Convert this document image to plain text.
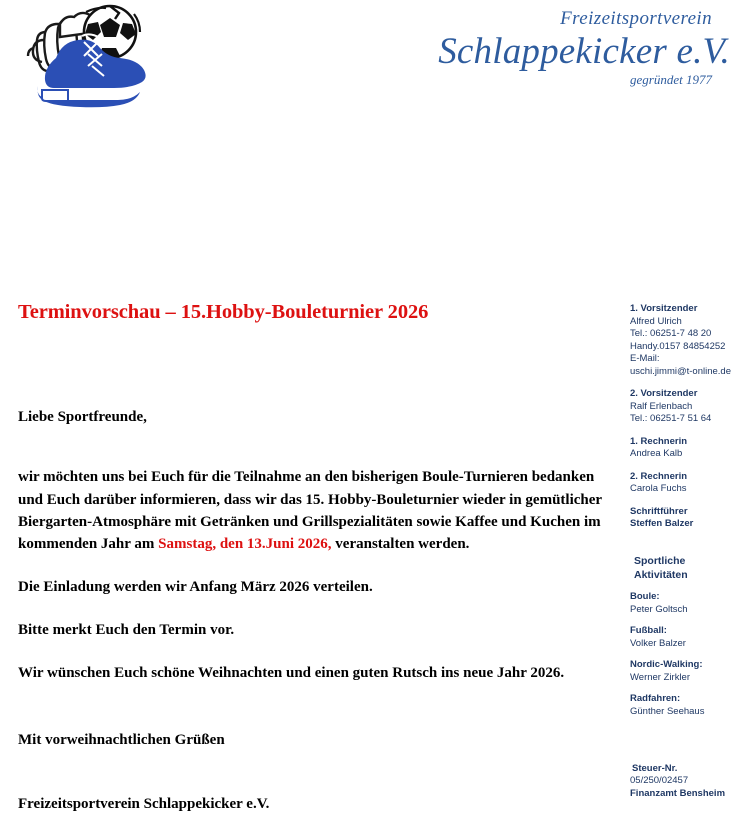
Freizeitsportverein
Schlappekicker e.V.
gegründet 1977
Terminvorschau – 15.Hobby-Bouleturnier 2026

Liebe Sportfreunde,

wir möchten uns bei Euch für die Teilnahme an den bisherigen Boule-Turnieren bedanken und Euch darüber informieren, dass wir das 15. Hobby-Bouleturnier wieder in gemütlicher Biergarten-Atmosphäre mit Getränken und Grillspezialitäten sowie Kaffee und Kuchen im kommenden Jahr am Samstag, den 13.Juni 2026, veranstalten werden.

Die Einladung werden wir Anfang März 2026 verteilen.

Bitte merkt Euch den Termin vor.

Wir wünschen Euch schöne Weihnachten und einen guten Rutsch ins neue Jahr 2026.

Mit vorweihnachtlichen Grüßen

Freizeitsportverein Schlappekicker e.V.

1. Vorsitzender
Alfred Ulrich
Tel.: 06251-7 48 20
Handy.0157 84854252
E-Mail:
uschi.jimmi@t-online.de
2. Vorsitzender
Ralf Erlenbach
Tel.: 06251-7 51 64
1. Rechnerin
Andrea Kalb
2. Rechnerin
Carola Fuchs
Schriftführer
Steffen Balzer
Sportliche
Aktivitäten
Boule:
Peter Goltsch
Fußball:
Volker Balzer
Nordic-Walking:
Werner Zirkler
Radfahren:
Günther Seehaus
Steuer-Nr.
05/250/02457
Finanzamt Bensheim
